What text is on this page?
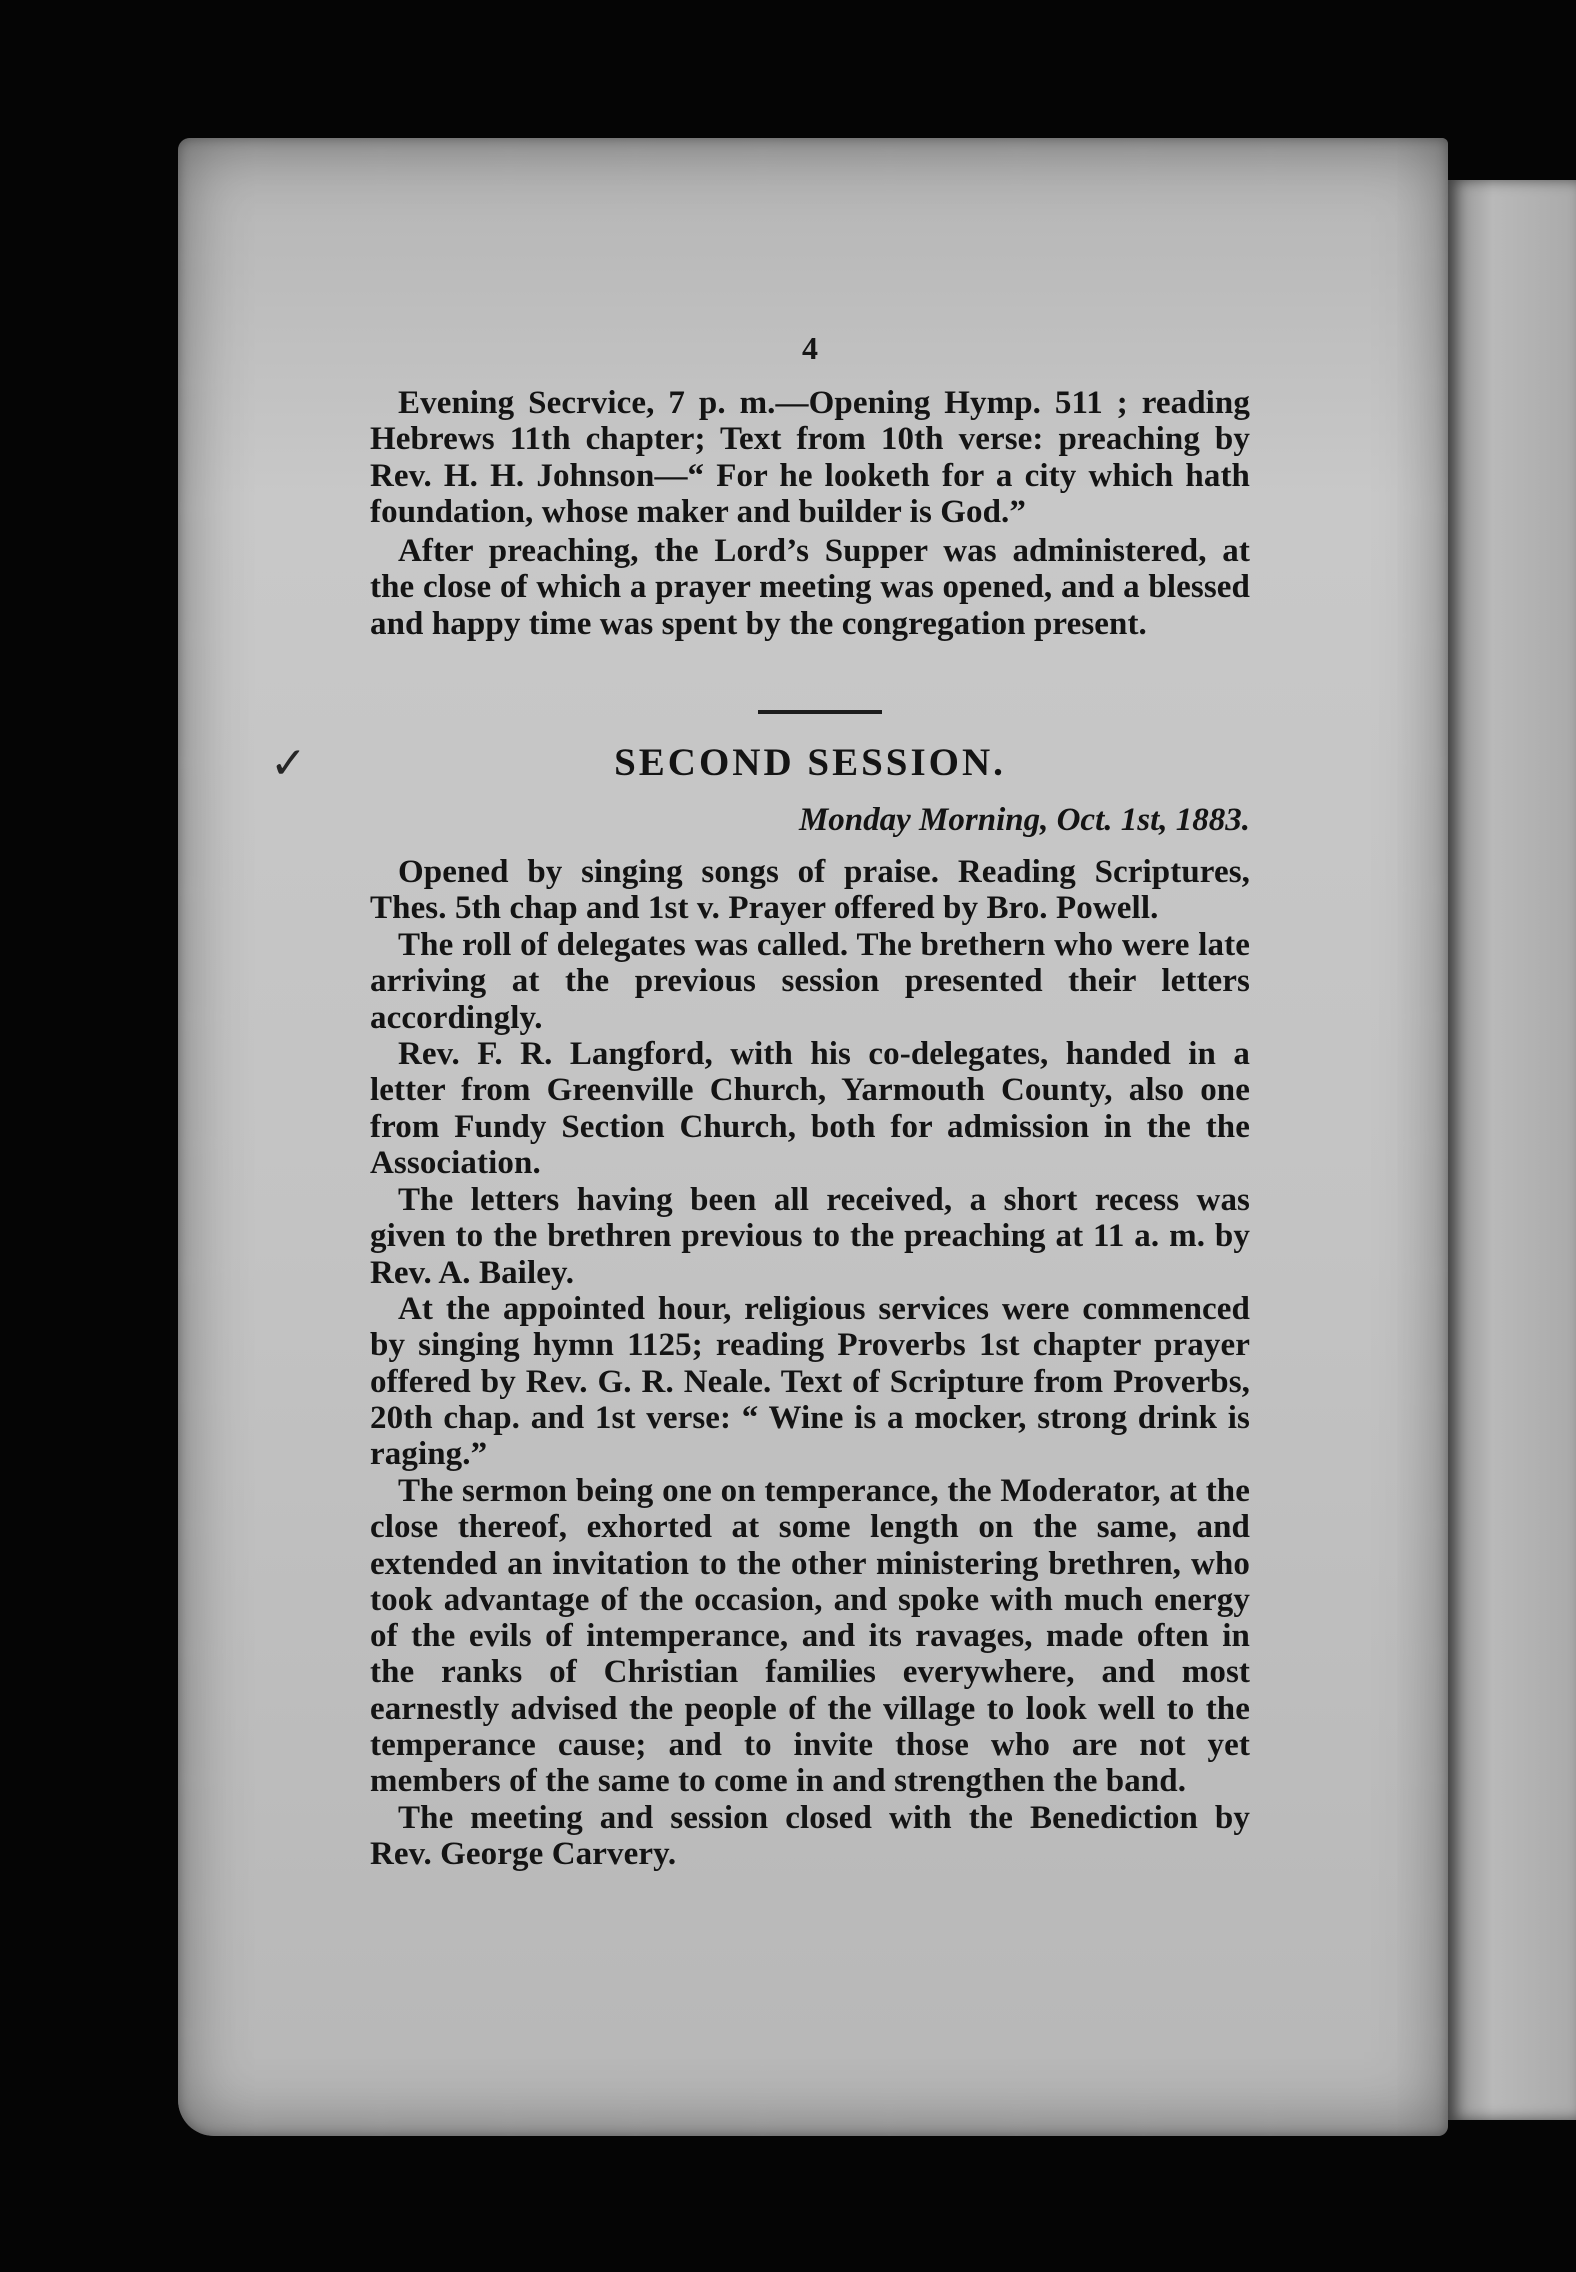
4
Evening Secrvice, 7 p. m.—Opening Hymp. 511 ; reading Hebrews 11th chapter; Text from 10th verse: preaching by Rev. H. H. Johnson—“ For he looketh for a city which hath foundation, whose maker and builder is God.”
After preaching, the Lord’s Supper was administered, at the close of which a prayer meeting was opened, and a blessed and happy time was spent by the congregation present.
✓	SECOND SESSION.
Monday Morning, Oct. 1st, 1883.
Opened by singing songs of praise. Reading Scriptures, Thes. 5th chap and 1st v. Prayer offered by Bro. Powell.
The roll of delegates was called. The brethern who were late arriving at the previous session presented their letters accordingly.
Rev. F. R. Langford, with his co-delegates, handed in a letter from Greenville Church, Yarmouth County, also one from Fundy Section Church, both for admission in the the Association.
The letters having been all received, a short recess was given to the brethren previous to the preaching at 11 a. m. by Rev. A. Bailey.
At the appointed hour, religious services were commenced by singing hymn 1125; reading Proverbs 1st chapter prayer offered by Rev. G. R. Neale. Text of Scripture from Proverbs, 20th chap. and 1st verse: “ Wine is a mocker, strong drink is raging.”
The sermon being one on temperance, the Moderator, at the close thereof, exhorted at some length on the same, and extended an invitation to the other ministering brethren, who took advantage of the occasion, and spoke with much energy of the evils of intemperance, and its ravages, made often in the ranks of Christian families everywhere, and most earnestly advised the people of the village to look well to the temperance cause; and to invite those who are not yet members of the same to come in and strengthen the band.
The meeting and session closed with the Benediction by Rev. George Carvery.
